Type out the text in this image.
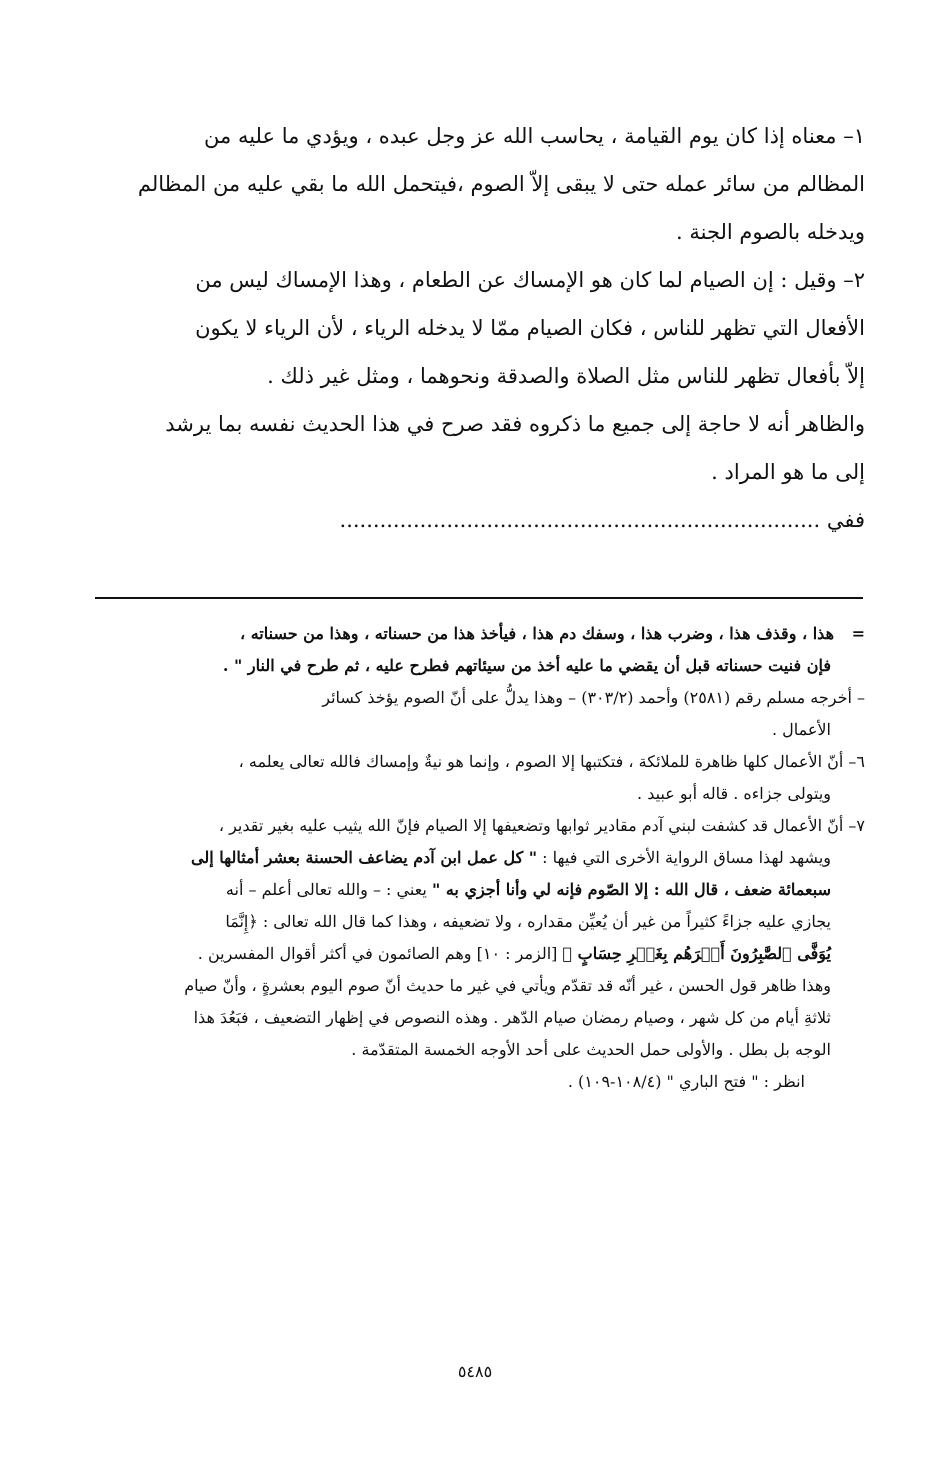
١– معناه إذا كان يوم القيامة ، يحاسب الله عز وجل عبده ، ويؤدي ما عليه من

المظالم من سائر عمله حتى لا يبقى إلاّ الصوم ،فيتحمل الله ما بقي عليه من المظالم

ويدخله بالصوم الجنة .

٢– وقيل : إن الصيام لما كان هو الإمساك عن الطعام ، وهذا الإمساك ليس من

الأفعال التي تظهر للناس ، فكان الصيام ممّا لا يدخله الرياء ، لأن الرياء لا يكون

إلاّ بأفعال تظهر للناس مثل الصلاة والصدقة ونحوهما ، ومثل غير ذلك .

والظاهر أنه لا حاجة إلى جميع ما ذكروه فقد صرح في هذا الحديث نفسه بما يرشد

إلى ما هو المراد .

ففي ........................................................................

= هذا ، وقذف هذا ، وضرب هذا ، وسفك دم هذا ، فيأخذ هذا من حسناته ، وهذا من حسناته ،

فإن فنيت حسناته قبل أن يقضي ما عليه أخذ من سيئاتهم فطرح عليه ، ثم طرح في النار " .

– أخرجه مسلم رقم (٢٥٨١) وأحمد (٣٠٣/٢) – وهذا يدلُّ على أنّ الصوم يؤخذ كسائر

الأعمال .

٦– أنّ الأعمال كلها ظاهرة للملائكة ، فتكتبها إلا الصوم ، وإنما هو نيةٌ وإمساك فالله تعالى يعلمه ،

ويتولى جزاءه . قاله أبو عبيد .

٧– أنّ الأعمال قد كشفت لبني آدم مقادير ثوابها وتضعيفها إلا الصيام فإنّ الله يثيب عليه بغير تقدير ،

ويشهد لهذا مساق الرواية الأخرى التي فيها : " كل عمل ابن آدم يضاعف الحسنة بعشر أمثالها إلى

سبعمائة ضعف ، قال الله : إلا الصّوم فإنه لي وأنا أجزي به " يعني : – والله تعالى أعلم – أنه

يجازي عليه جزاءً كثيراً من غير أن يُعيِّن مقداره ، ولا تضعيفه ، وهذا كما قال الله تعالى : ﴿إِنَّمَا

يُوَفَّى ٱلصَّٰبِرُونَ أَجۡرَهُم بِغَيۡرِ حِسَابٍ ﴾ [الزمر : ١٠] وهم الصائمون في أكثر أقوال المفسرين .

وهذا ظاهر قول الحسن ، غير أنّه قد تقدّم ويأتي في غير ما حديث أنّ صوم اليوم بعشرةٍ ، وأنّ صيام

ثلاثةِ أيام من كل شهر ، وصيام رمضان صيام الدّهر . وهذه النصوص في إظهار التضعيف ، فبَعُدَ هذا

الوجه بل بطل . والأولى حمل الحديث على أحد الأوجه الخمسة المتقدّمة .

انظر : " فتح الباري " (١٠٨/٤-١٠٩) .

٥٤٨٥
